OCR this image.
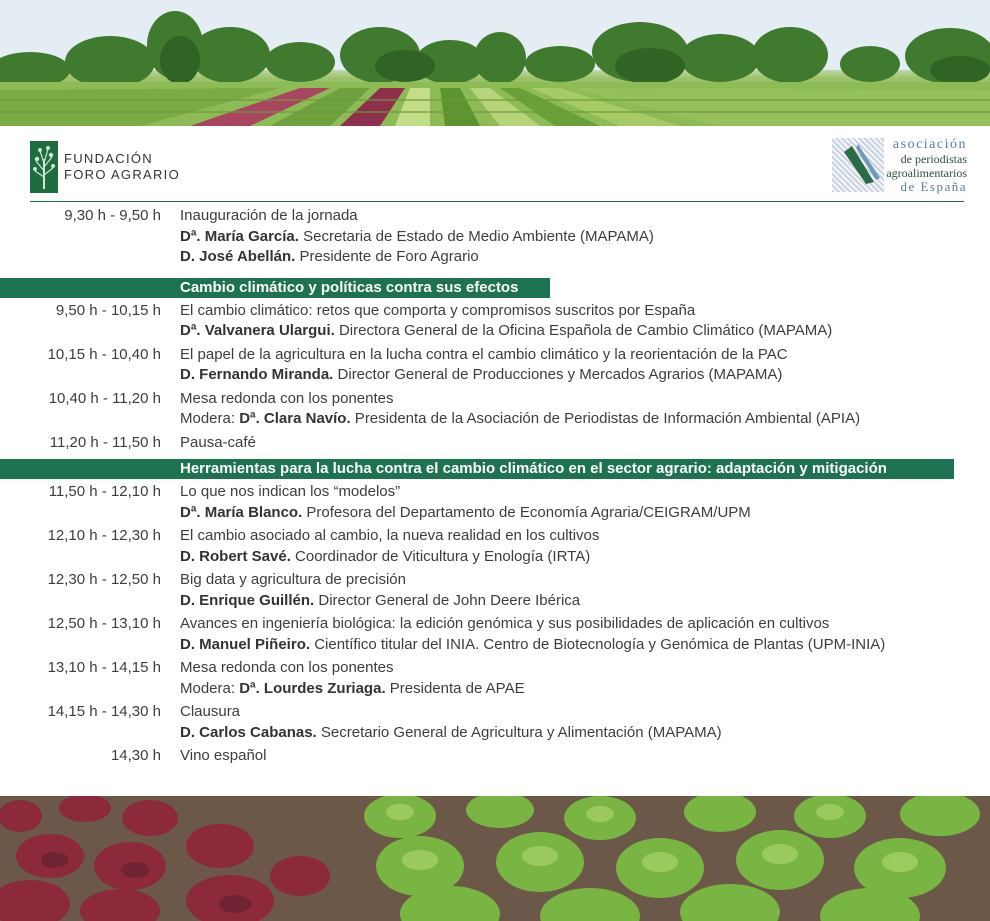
FUNDACIÓN
FORO AGRARIO
asociación
de periodistas
agroalimentarios
de España
9,30 h - 9,50 h Inauguración de la jornada
Dª. María García. Secretaria de Estado de Medio Ambiente (MAPAMA)
D. José Abellán. Presidente de Foro Agrario
Cambio climático y políticas contra sus efectos
9,50 h - 10,15 h El cambio climático: retos que comporta y compromisos suscritos por España
Dª. Valvanera Ulargui. Directora General de la Oficina Española de Cambio Climático (MAPAMA)
10,15 h - 10,40 h El papel de la agricultura en la lucha contra el cambio climático y la reorientación de la PAC
D. Fernando Miranda. Director General de Producciones y Mercados Agrarios (MAPAMA)
10,40 h - 11,20 h Mesa redonda con los ponentes
Modera: Dª. Clara Navío. Presidenta de la Asociación de Periodistas de Información Ambiental (APIA)
11,20 h - 11,50 h Pausa-café
Herramientas para la lucha contra el cambio climático en el sector agrario: adaptación y mitigación
11,50 h - 12,10 h Lo que nos indican los “modelos”
Dª. María Blanco. Profesora del Departamento de Economía Agraria/CEIGRAM/UPM
12,10 h - 12,30 h El cambio asociado al cambio, la nueva realidad en los cultivos
D. Robert Savé. Coordinador de Viticultura y Enología (IRTA)
12,30 h - 12,50 h Big data y agricultura de precisión
D. Enrique Guillén. Director General de John Deere Ibérica
12,50 h - 13,10 h Avances en ingeniería biológica: la edición genómica y sus posibilidades de aplicación en cultivos
D. Manuel Piñeiro. Científico titular del INIA. Centro de Biotecnología y Genómica de Plantas (UPM-INIA)
13,10 h - 14,15 h Mesa redonda con los ponentes
Modera: Dª. Lourdes Zuriaga. Presidenta de APAE
14,15 h - 14,30 h Clausura
D. Carlos Cabanas. Secretario General de Agricultura y Alimentación (MAPAMA)
14,30 h Vino español
